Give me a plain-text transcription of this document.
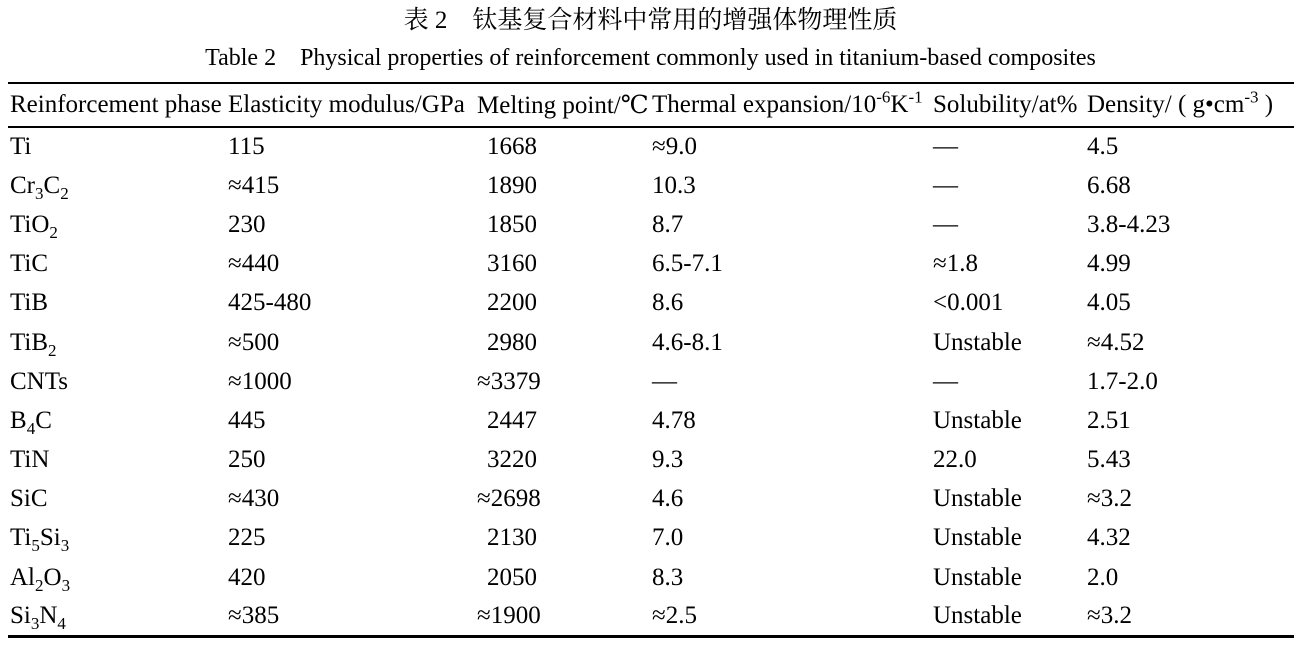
表 2　钛基复合材料中常用的增强体物理性质
Table 2　Physical properties of reinforcement commonly used in titanium-based composites
Reinforcement phase	Elasticity modulus/GPa	Melting point/℃	Thermal expansion/$10^{-6}K^{-1}$	Solubility/at%	Density/ ( $g•cm^{-3}$ )
Ti	115	1668	≈9.0	—	4.5
$Cr_3C_2$	≈415	1890	10.3	—	6.68
TiO$_2$	230	1850	8.7	—	3.8-4.23
TiC	≈440	3160	6.5-7.1	≈1.8	4.99
TiB	425-480	2200	8.6	<0.001	4.05
TiB$_2$	≈500	2980	4.6-8.1	Unstable	≈4.52
CNTs	≈1000	≈3379	—	—	1.7-2.0
$B_4C$	445	2447	4.78	Unstable	2.51
TiN	250	3220	9.3	22.0	5.43
SiC	≈430	≈2698	4.6	Unstable	≈3.2
$Ti_5Si_3$	225	2130	7.0	Unstable	4.32
$Al_2O_3$	420	2050	8.3	Unstable	2.0
$Si_3N_4$	≈385	≈1900	≈2.5	Unstable	≈3.2
